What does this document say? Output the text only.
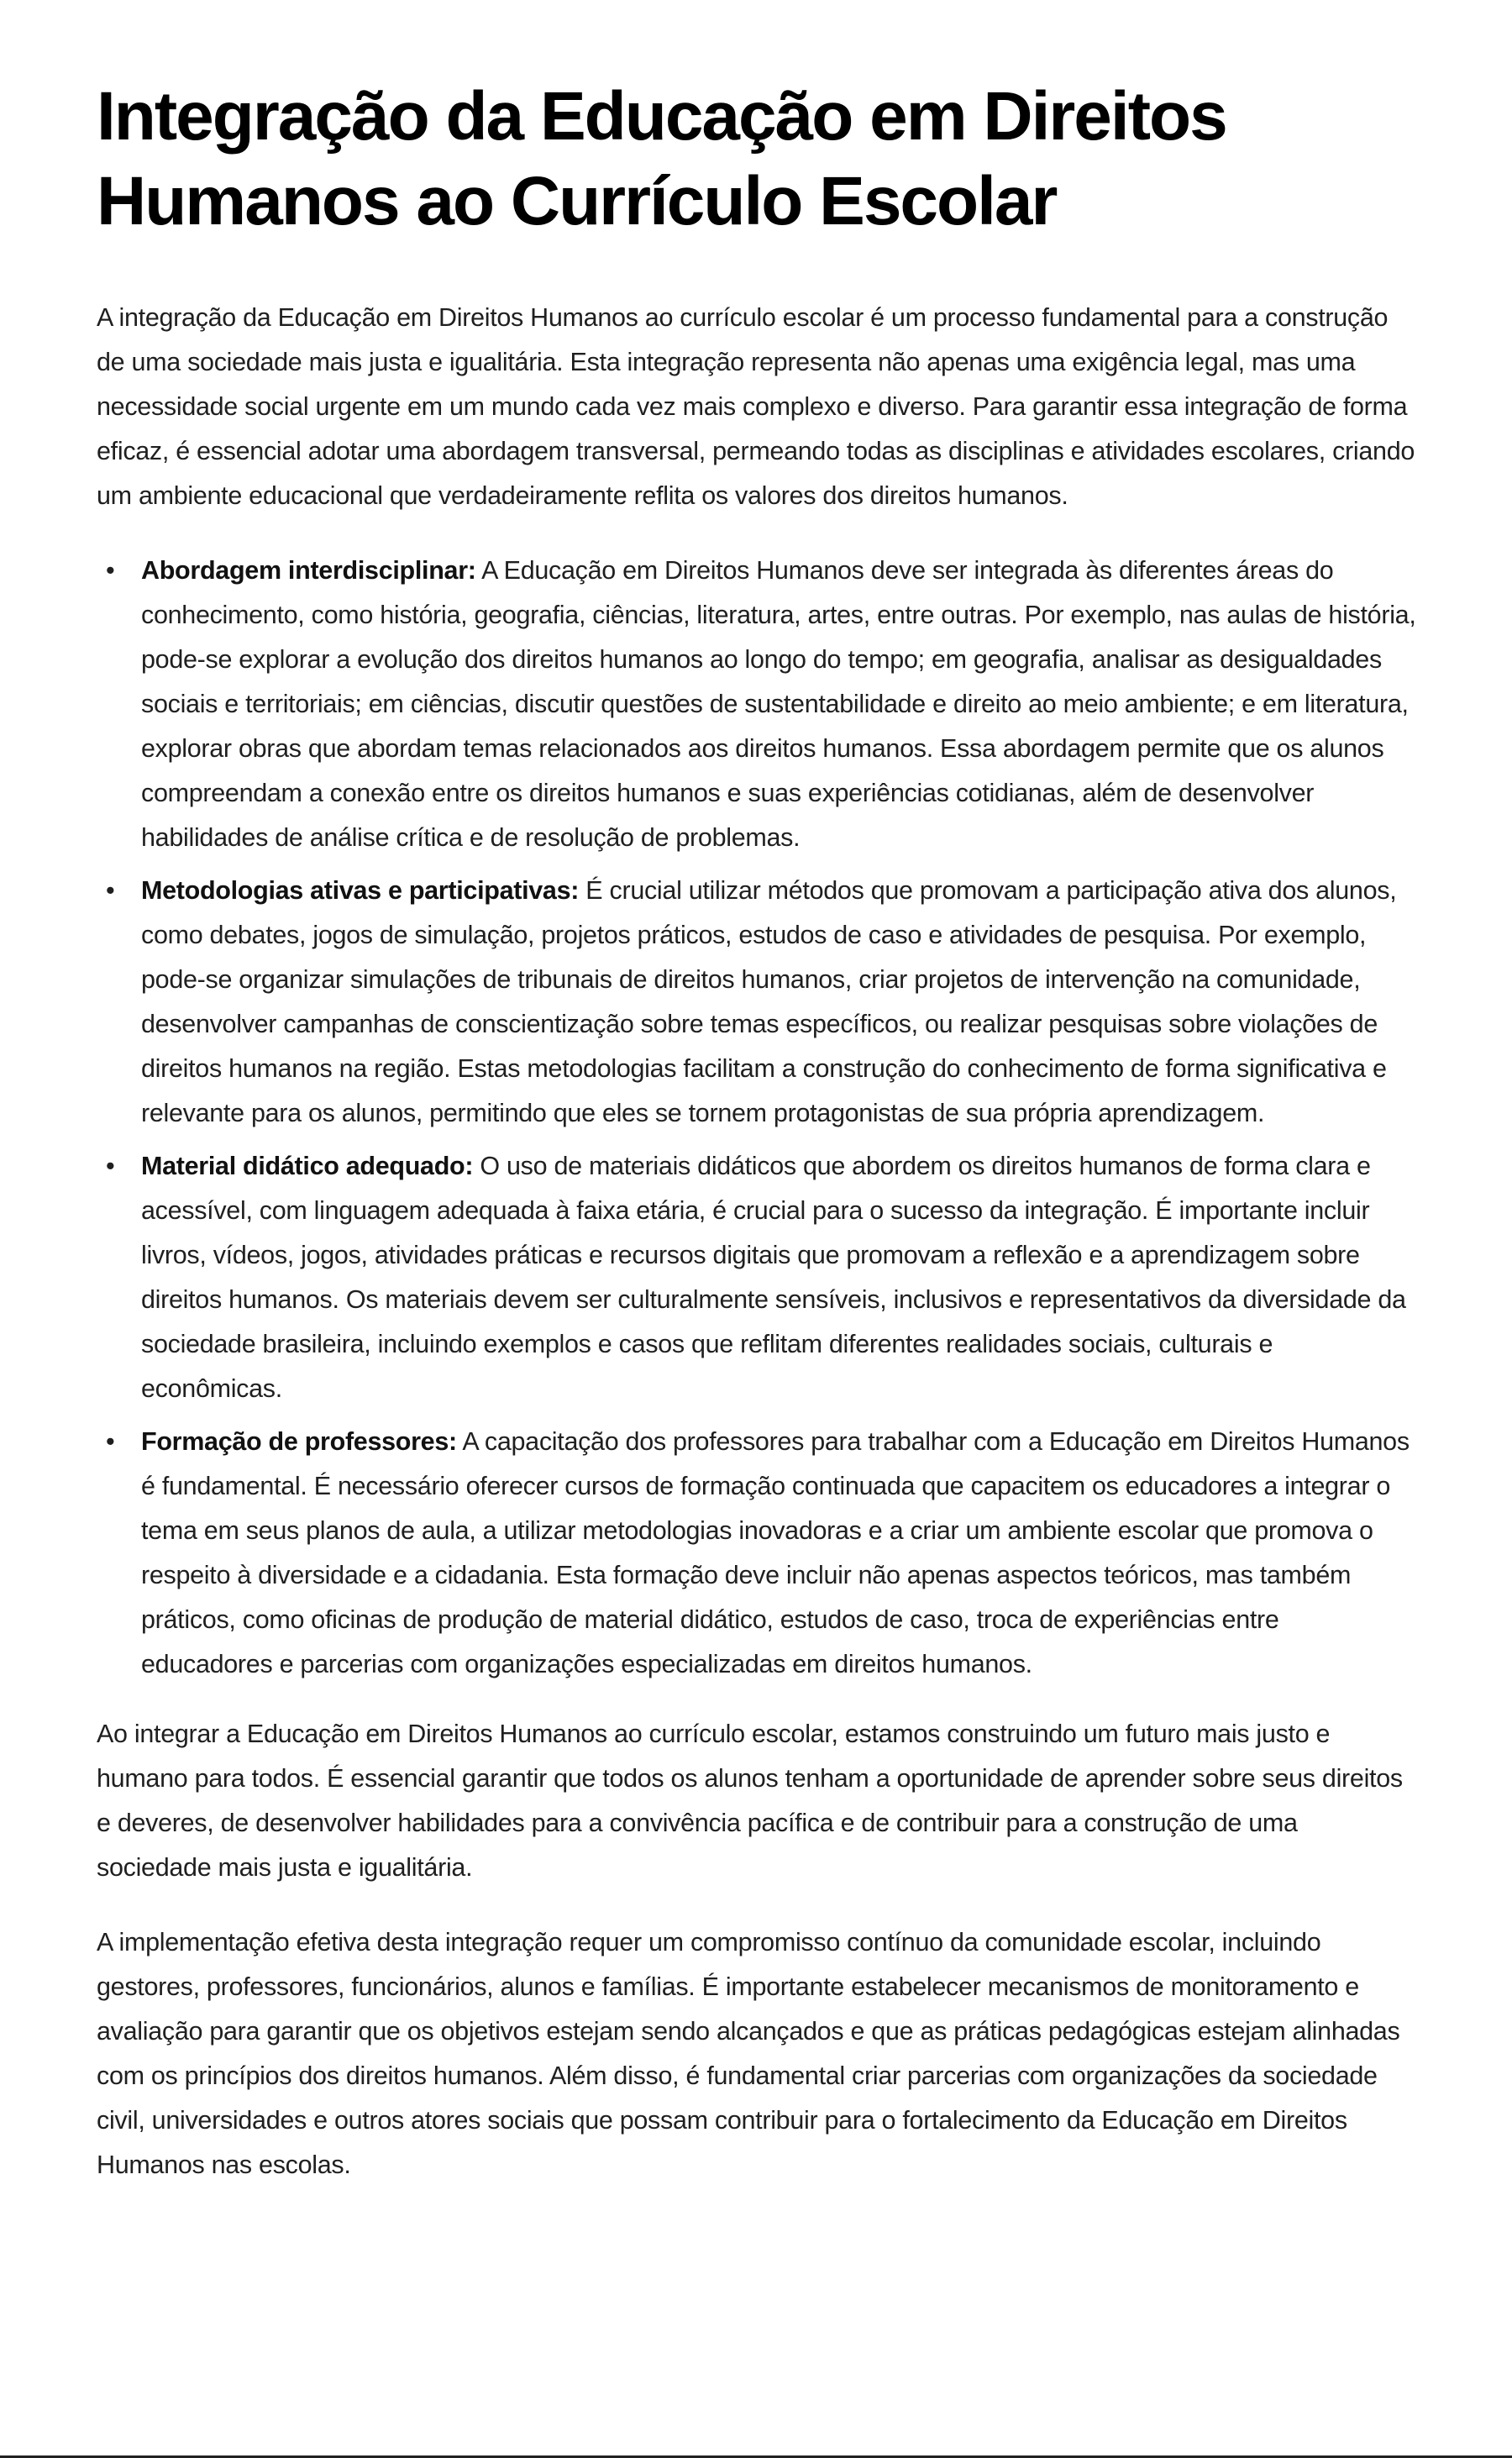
Integração da Educação em Direitos Humanos ao Currículo Escolar

A integração da Educação em Direitos Humanos ao currículo escolar é um processo fundamental para a construção de uma sociedade mais justa e igualitária. Esta integração representa não apenas uma exigência legal, mas uma necessidade social urgente em um mundo cada vez mais complexo e diverso. Para garantir essa integração de forma eficaz, é essencial adotar uma abordagem transversal, permeando todas as disciplinas e atividades escolares, criando um ambiente educacional que verdadeiramente reflita os valores dos direitos humanos.

• Abordagem interdisciplinar: A Educação em Direitos Humanos deve ser integrada às diferentes áreas do conhecimento, como história, geografia, ciências, literatura, artes, entre outras. Por exemplo, nas aulas de história, pode-se explorar a evolução dos direitos humanos ao longo do tempo; em geografia, analisar as desigualdades sociais e territoriais; em ciências, discutir questões de sustentabilidade e direito ao meio ambiente; e em literatura, explorar obras que abordam temas relacionados aos direitos humanos. Essa abordagem permite que os alunos compreendam a conexão entre os direitos humanos e suas experiências cotidianas, além de desenvolver habilidades de análise crítica e de resolução de problemas.
• Metodologias ativas e participativas: É crucial utilizar métodos que promovam a participação ativa dos alunos, como debates, jogos de simulação, projetos práticos, estudos de caso e atividades de pesquisa. Por exemplo, pode-se organizar simulações de tribunais de direitos humanos, criar projetos de intervenção na comunidade, desenvolver campanhas de conscientização sobre temas específicos, ou realizar pesquisas sobre violações de direitos humanos na região. Estas metodologias facilitam a construção do conhecimento de forma significativa e relevante para os alunos, permitindo que eles se tornem protagonistas de sua própria aprendizagem.
• Material didático adequado: O uso de materiais didáticos que abordem os direitos humanos de forma clara e acessível, com linguagem adequada à faixa etária, é crucial para o sucesso da integração. É importante incluir livros, vídeos, jogos, atividades práticas e recursos digitais que promovam a reflexão e a aprendizagem sobre direitos humanos. Os materiais devem ser culturalmente sensíveis, inclusivos e representativos da diversidade da sociedade brasileira, incluindo exemplos e casos que reflitam diferentes realidades sociais, culturais e econômicas.
• Formação de professores: A capacitação dos professores para trabalhar com a Educação em Direitos Humanos é fundamental. É necessário oferecer cursos de formação continuada que capacitem os educadores a integrar o tema em seus planos de aula, a utilizar metodologias inovadoras e a criar um ambiente escolar que promova o respeito à diversidade e a cidadania. Esta formação deve incluir não apenas aspectos teóricos, mas também práticos, como oficinas de produção de material didático, estudos de caso, troca de experiências entre educadores e parcerias com organizações especializadas em direitos humanos.

Ao integrar a Educação em Direitos Humanos ao currículo escolar, estamos construindo um futuro mais justo e humano para todos. É essencial garantir que todos os alunos tenham a oportunidade de aprender sobre seus direitos e deveres, de desenvolver habilidades para a convivência pacífica e de contribuir para a construção de uma sociedade mais justa e igualitária.

A implementação efetiva desta integração requer um compromisso contínuo da comunidade escolar, incluindo gestores, professores, funcionários, alunos e famílias. É importante estabelecer mecanismos de monitoramento e avaliação para garantir que os objetivos estejam sendo alcançados e que as práticas pedagógicas estejam alinhadas com os princípios dos direitos humanos. Além disso, é fundamental criar parcerias com organizações da sociedade civil, universidades e outros atores sociais que possam contribuir para o fortalecimento da Educação em Direitos Humanos nas escolas.
